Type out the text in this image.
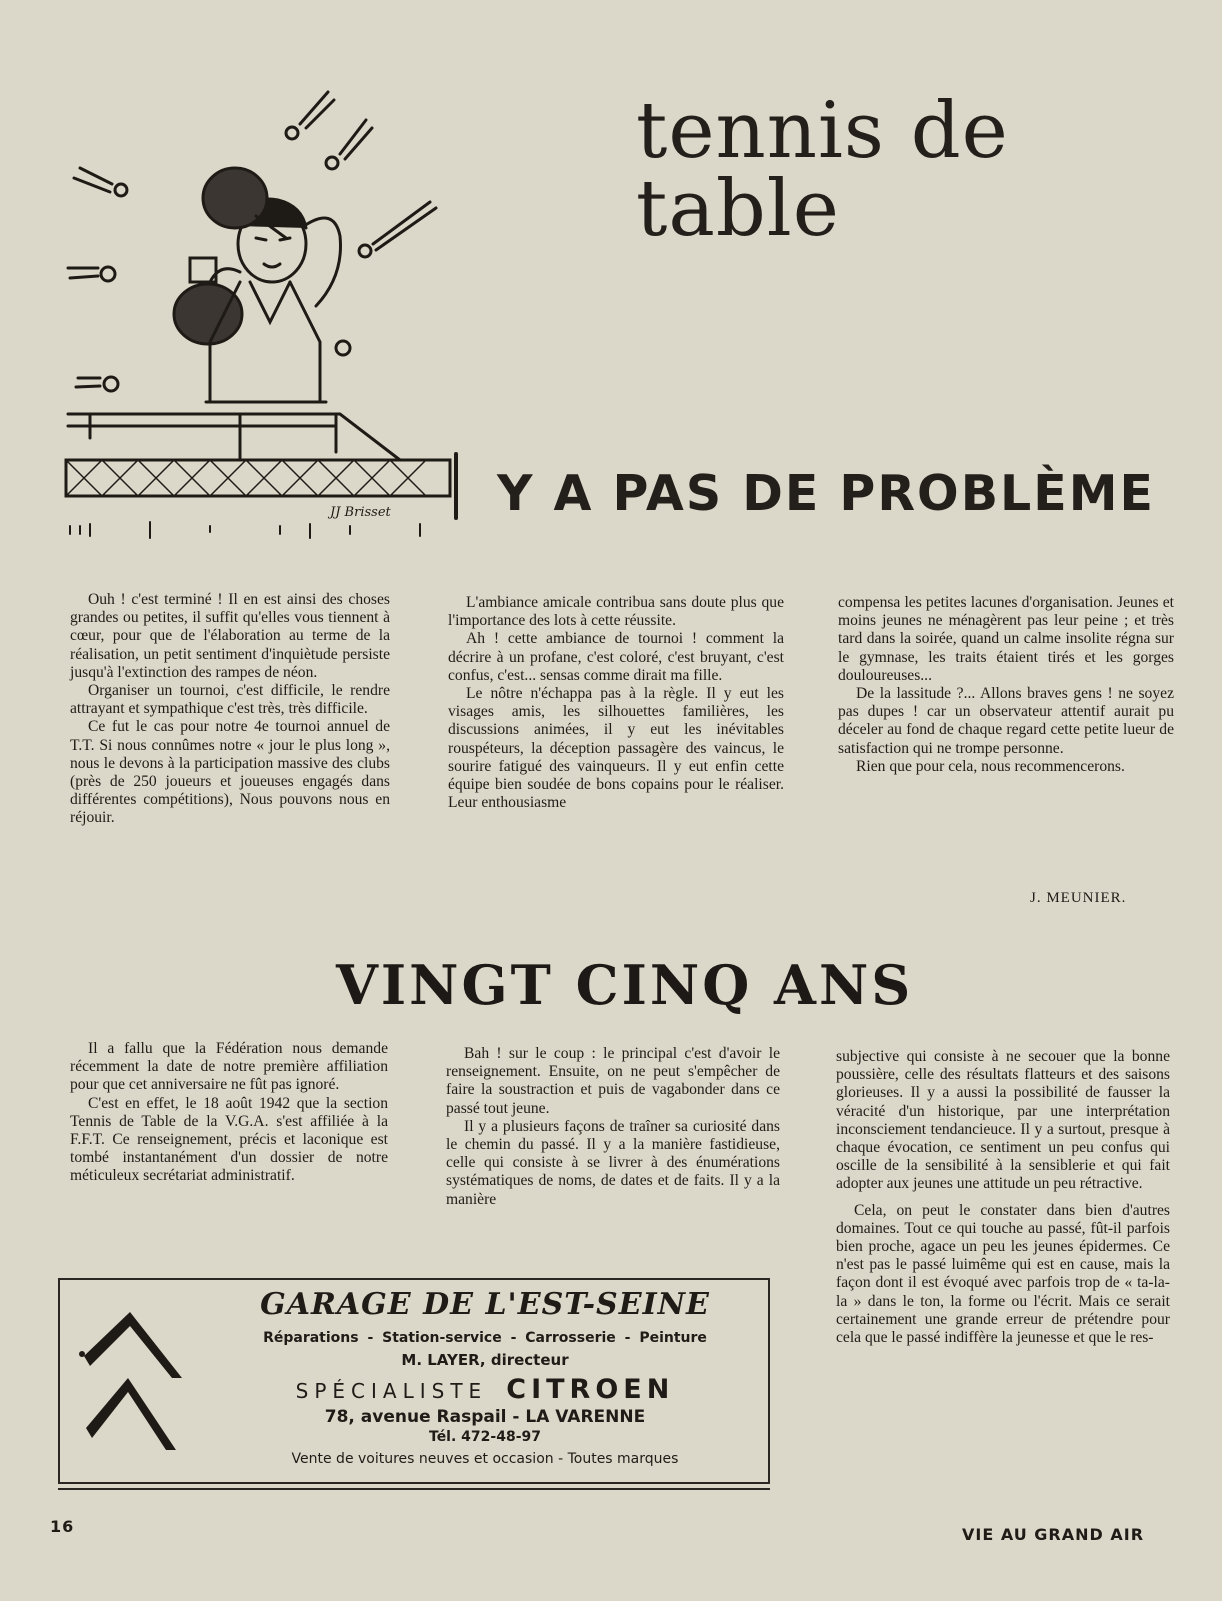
tennis de table
JJ Brisset Y A PAS DE PROBLÈME

Ouh ! c'est terminé ! Il en est ainsi des choses grandes ou petites, il suffit qu'elles vous tiennent à cœur, pour que de l'élaboration au terme de la réalisation, un petit sentiment d'inquiètude persiste jusqu'à l'extinction des rampes de néon.

Organiser un tournoi, c'est difficile, le rendre attrayant et sympathique c'est très, très difficile.

Ce fut le cas pour notre 4e tournoi annuel de T.T. Si nous connûmes notre « jour le plus long », nous le devons à la participation massive des clubs (près de 250 joueurs et joueuses engagés dans différentes compétitions), Nous pouvons nous en réjouir.

L'ambiance amicale contribua sans doute plus que l'importance des lots à cette réussite.

Ah ! cette ambiance de tournoi ! comment la décrire à un profane, c'est coloré, c'est bruyant, c'est confus, c'est... sensas comme dirait ma fille.

Le nôtre n'échappa pas à la règle. Il y eut les visages amis, les silhouettes familières, les discussions animées, il y eut les inévitables rouspéteurs, la déception passagère des vaincus, le sourire fatigué des vainqueurs. Il y eut enfin cette équipe bien soudée de bons copains pour le réaliser. Leur enthousiasme

compensa les petites lacunes d'organisation. Jeunes et moins jeunes ne ménagèrent pas leur peine ; et très tard dans la soirée, quand un calme insolite régna sur le gymnase, les traits étaient tirés et les gorges douloureuses...

De la lassitude ?... Allons braves gens ! ne soyez pas dupes ! car un observateur attentif aurait pu déceler au fond de chaque regard cette petite lueur de satisfaction qui ne trompe personne.

Rien que pour cela, nous recommencerons.

J. MEUNIER.
VINGT CINQ ANS

Il a fallu que la Fédération nous demande récemment la date de notre première affiliation pour que cet anniversaire ne fût pas ignoré.

C'est en effet, le 18 août 1942 que la section Tennis de Table de la V.G.A. s'est affiliée à la F.F.T. Ce renseignement, précis et laconique est tombé instantanément d'un dossier de notre méticuleux secrétariat administratif.

Bah ! sur le coup : le principal c'est d'avoir le renseignement. Ensuite, on ne peut s'empêcher de faire la soustraction et puis de vagabonder dans ce passé tout jeune.

Il y a plusieurs façons de traîner sa curiosité dans le chemin du passé. Il y a la manière fastidieuse, celle qui consiste à se livrer à des énumérations systématiques de noms, de dates et de faits. Il y a la manière

subjective qui consiste à ne secouer que la bonne poussière, celle des résultats flatteurs et des saisons glorieuses. Il y a aussi la possibilité de fausser la véracité d'un historique, par une interprétation inconsciement tendancieuce. Il y a surtout, presque à chaque évocation, ce sentiment un peu confus qui oscille de la sensibilité à la sensiblerie et qui fait adopter aux jeunes une attitude un peu rétractive.

Cela, on peut le constater dans bien d'autres domaines. Tout ce qui touche au passé, fût-il parfois bien proche, agace un peu les jeunes épidermes. Ce n'est pas le passé luimême qui est en cause, mais la façon dont il est évoqué avec parfois trop de « ta-la-la » dans le ton, la forme ou l'écrit. Mais ce serait certainement une grande erreur de prétendre pour cela que le passé indiffère la jeunesse et que le res-

GARAGE DE L'EST-SEINE

Réparations - Station-service - Carrosserie - Peinture

M. LAYER, directeur

SPÉCIALISTE CITROEN

78, avenue Raspail - LA VARENNE

Tél. 472-48-97

Vente de voitures neuves et occasion - Toutes marques

16	VIE AU GRAND AIR
